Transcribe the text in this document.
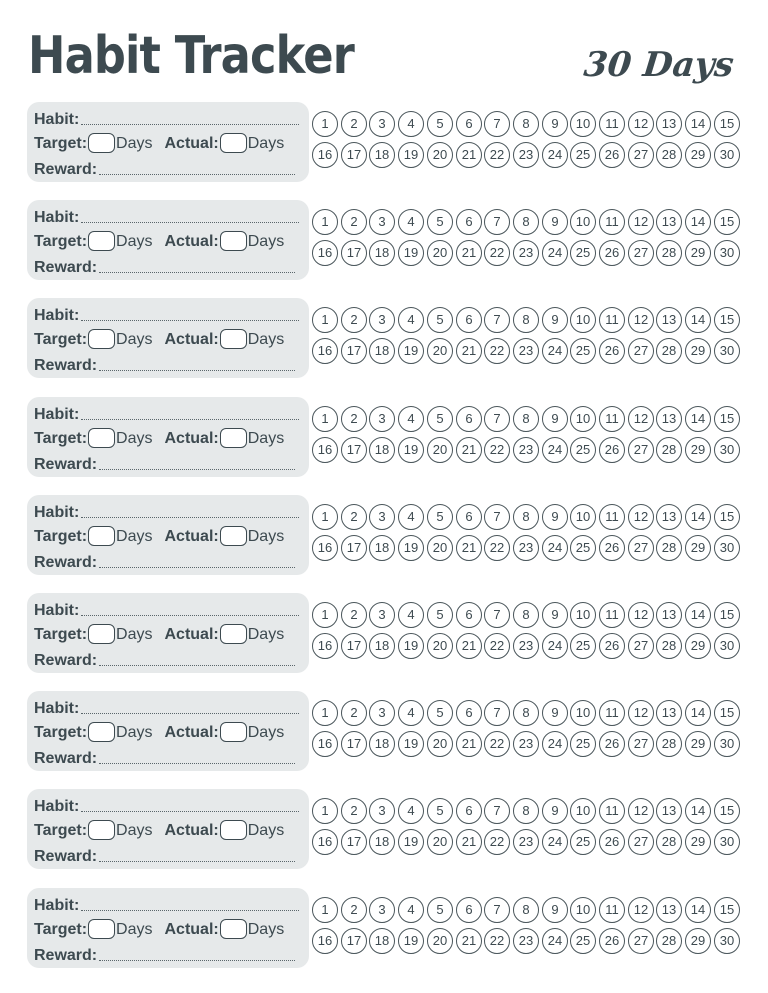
Habit Tracker	30 Days
Habit:
Target: Days Actual: Days
Reward:
1	2	3	4	5	6	7	8	9	10	11	12	13	14	15
16	17	18	19	20	21	22	23	24	25	26	27	28	29	30
Habit:
Target: Days Actual: Days
Reward:
1	2	3	4	5	6	7	8	9	10	11	12	13	14	15
16	17	18	19	20	21	22	23	24	25	26	27	28	29	30
Habit:
Target: Days Actual: Days
Reward:
1	2	3	4	5	6	7	8	9	10	11	12	13	14	15
16	17	18	19	20	21	22	23	24	25	26	27	28	29	30
Habit:
Target: Days Actual: Days
Reward:
1	2	3	4	5	6	7	8	9	10	11	12	13	14	15
16	17	18	19	20	21	22	23	24	25	26	27	28	29	30
Habit:
Target: Days Actual: Days
Reward:
1	2	3	4	5	6	7	8	9	10	11	12	13	14	15
16	17	18	19	20	21	22	23	24	25	26	27	28	29	30
Habit:
Target: Days Actual: Days
Reward:
1	2	3	4	5	6	7	8	9	10	11	12	13	14	15
16	17	18	19	20	21	22	23	24	25	26	27	28	29	30
Habit:
Target: Days Actual: Days
Reward:
1	2	3	4	5	6	7	8	9	10	11	12	13	14	15
16	17	18	19	20	21	22	23	24	25	26	27	28	29	30
Habit:
Target: Days Actual: Days
Reward:
1	2	3	4	5	6	7	8	9	10	11	12	13	14	15
16	17	18	19	20	21	22	23	24	25	26	27	28	29	30
Habit:
Target: Days Actual: Days
Reward:
1	2	3	4	5	6	7	8	9	10	11	12	13	14	15
16	17	18	19	20	21	22	23	24	25	26	27	28	29	30
